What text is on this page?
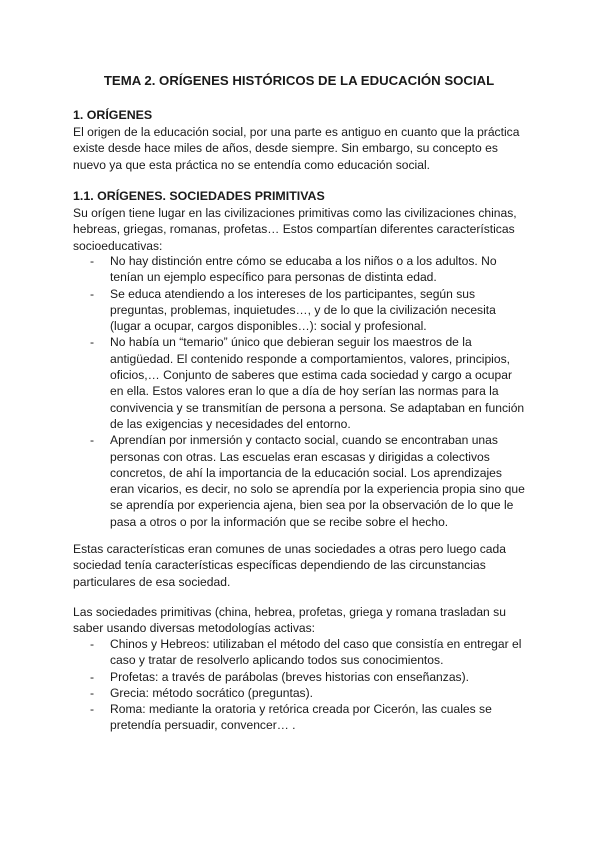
TEMA 2. ORÍGENES HISTÓRICOS DE LA EDUCACIÓN SOCIAL
1. ORÍGENES

El origen de la educación social, por una parte es antiguo en cuanto que la práctica existe desde hace miles de años, desde siempre. Sin embargo, su concepto es nuevo ya que esta práctica no se entendía como educación social.

1.1. ORÍGENES. SOCIEDADES PRIMITIVAS

Su orígen tiene lugar en las civilizaciones primitivas como las civilizaciones chinas, hebreas, griegas, romanas, profetas… Estos compartían diferentes características socioeducativas:

- No hay distinción entre cómo se educaba a los niños o a los adultos. No tenían un ejemplo específico para personas de distinta edad.
- Se educa atendiendo a los intereses de los participantes, según sus preguntas, problemas, inquietudes…, y de lo que la civilización necesita (lugar a ocupar, cargos disponibles…): social y profesional.
- No había un “temario” único que debieran seguir los maestros de la antigüedad. El contenido responde a comportamientos, valores, principios, oficios,… Conjunto de saberes que estima cada sociedad y cargo a ocupar en ella. Estos valores eran lo que a día de hoy serían las normas para la convivencia y se transmitían de persona a persona. Se adaptaban en función de las exigencias y necesidades del entorno.
- Aprendían por inmersión y contacto social, cuando se encontraban unas personas con otras. Las escuelas eran escasas y dirigidas a colectivos concretos, de ahí la importancia de la educación social. Los aprendizajes eran vicarios, es decir, no solo se aprendía por la experiencia propia sino que se aprendía por experiencia ajena, bien sea por la observación de lo que le pasa a otros o por la información que se recibe sobre el hecho.

Estas características eran comunes de unas sociedades a otras pero luego cada sociedad tenía características específicas dependiendo de las circunstancias particulares de esa sociedad.

Las sociedades primitivas (china, hebrea, profetas, griega y romana trasladan su saber usando diversas metodologías activas:

- Chinos y Hebreos: utilizaban el método del caso que consistía en entregar el caso y tratar de resolverlo aplicando todos sus conocimientos.
- Profetas: a través de parábolas (breves historias con enseñanzas).
- Grecia: método socrático (preguntas).
- Roma: mediante la oratoria y retórica creada por Cicerón, las cuales se pretendía persuadir, convencer… .
